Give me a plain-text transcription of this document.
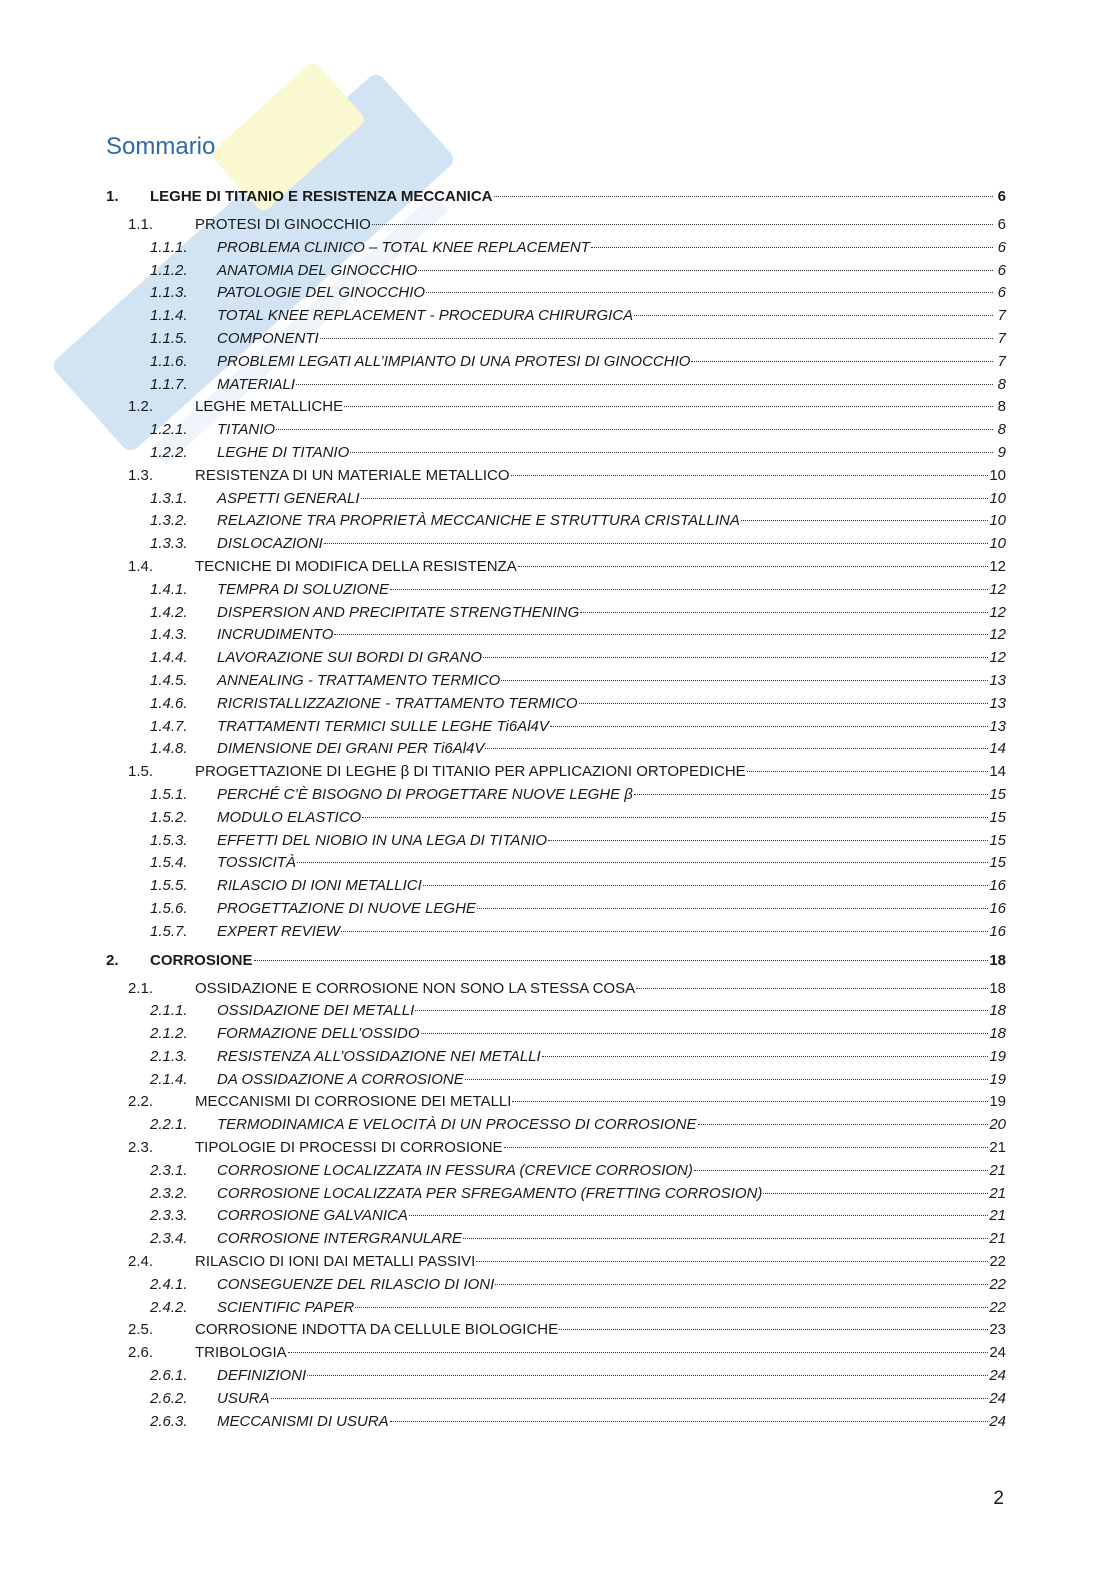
Sommario
1.	LEGHE DI TITANIO E RESISTENZA MECCANICA	6
1.1.	PROTESI DI GINOCCHIO	6
1.1.1.	PROBLEMA CLINICO – TOTAL KNEE REPLACEMENT	6
1.1.2.	ANATOMIA DEL GINOCCHIO	6
1.1.3.	PATOLOGIE DEL GINOCCHIO	6
1.1.4.	TOTAL KNEE REPLACEMENT - PROCEDURA CHIRURGICA	7
1.1.5.	COMPONENTI	7
1.1.6.	PROBLEMI LEGATI ALL’IMPIANTO DI UNA PROTESI DI GINOCCHIO	7
1.1.7.	MATERIALI	8
1.2.	LEGHE METALLICHE	8
1.2.1.	TITANIO	8
1.2.2.	LEGHE DI TITANIO	9
1.3.	RESISTENZA DI UN MATERIALE METALLICO	10
1.3.1.	ASPETTI GENERALI	10
1.3.2.	RELAZIONE TRA PROPRIETÀ MECCANICHE E STRUTTURA CRISTALLINA	10
1.3.3.	DISLOCAZIONI	10
1.4.	TECNICHE DI MODIFICA DELLA RESISTENZA	12
1.4.1.	TEMPRA DI SOLUZIONE	12
1.4.2.	DISPERSION AND PRECIPITATE STRENGTHENING	12
1.4.3.	INCRUDIMENTO	12
1.4.4.	LAVORAZIONE SUI BORDI DI GRANO	12
1.4.5.	ANNEALING - TRATTAMENTO TERMICO	13
1.4.6.	RICRISTALLIZZAZIONE - TRATTAMENTO TERMICO	13
1.4.7.	TRATTAMENTI TERMICI SULLE LEGHE Ti6Al4V	13
1.4.8.	DIMENSIONE DEI GRANI PER Ti6Al4V	14
1.5.	PROGETTAZIONE DI LEGHE β DI TITANIO PER APPLICAZIONI ORTOPEDICHE	14
1.5.1.	PERCHÉ C’È BISOGNO DI PROGETTARE NUOVE LEGHE β	15
1.5.2.	MODULO ELASTICO	15
1.5.3.	EFFETTI DEL NIOBIO IN UNA LEGA DI TITANIO	15
1.5.4.	TOSSICITÀ	15
1.5.5.	RILASCIO DI IONI METALLICI	16
1.5.6.	PROGETTAZIONE DI NUOVE LEGHE	16
1.5.7.	EXPERT REVIEW	16
2.	CORROSIONE	18
2.1.	OSSIDAZIONE E CORROSIONE NON SONO LA STESSA COSA	18
2.1.1.	OSSIDAZIONE DEI METALLI	18
2.1.2.	FORMAZIONE DELL’OSSIDO	18
2.1.3.	RESISTENZA ALL’OSSIDAZIONE NEI METALLI	19
2.1.4.	DA OSSIDAZIONE A CORROSIONE	19
2.2.	MECCANISMI DI CORROSIONE DEI METALLI	19
2.2.1.	TERMODINAMICA E VELOCITÀ DI UN PROCESSO DI CORROSIONE	20
2.3.	TIPOLOGIE DI PROCESSI DI CORROSIONE	21
2.3.1.	CORROSIONE LOCALIZZATA IN FESSURA (CREVICE CORROSION)	21
2.3.2.	CORROSIONE LOCALIZZATA PER SFREGAMENTO (FRETTING CORROSION)	21
2.3.3.	CORROSIONE GALVANICA	21
2.3.4.	CORROSIONE INTERGRANULARE	21
2.4.	RILASCIO DI IONI DAI METALLI PASSIVI	22
2.4.1.	CONSEGUENZE DEL RILASCIO DI IONI	22
2.4.2.	SCIENTIFIC PAPER	22
2.5.	CORROSIONE INDOTTA DA CELLULE BIOLOGICHE	23
2.6.	TRIBOLOGIA	24
2.6.1.	DEFINIZIONI	24
2.6.2.	USURA	24
2.6.3.	MECCANISMI DI USURA	24
2
